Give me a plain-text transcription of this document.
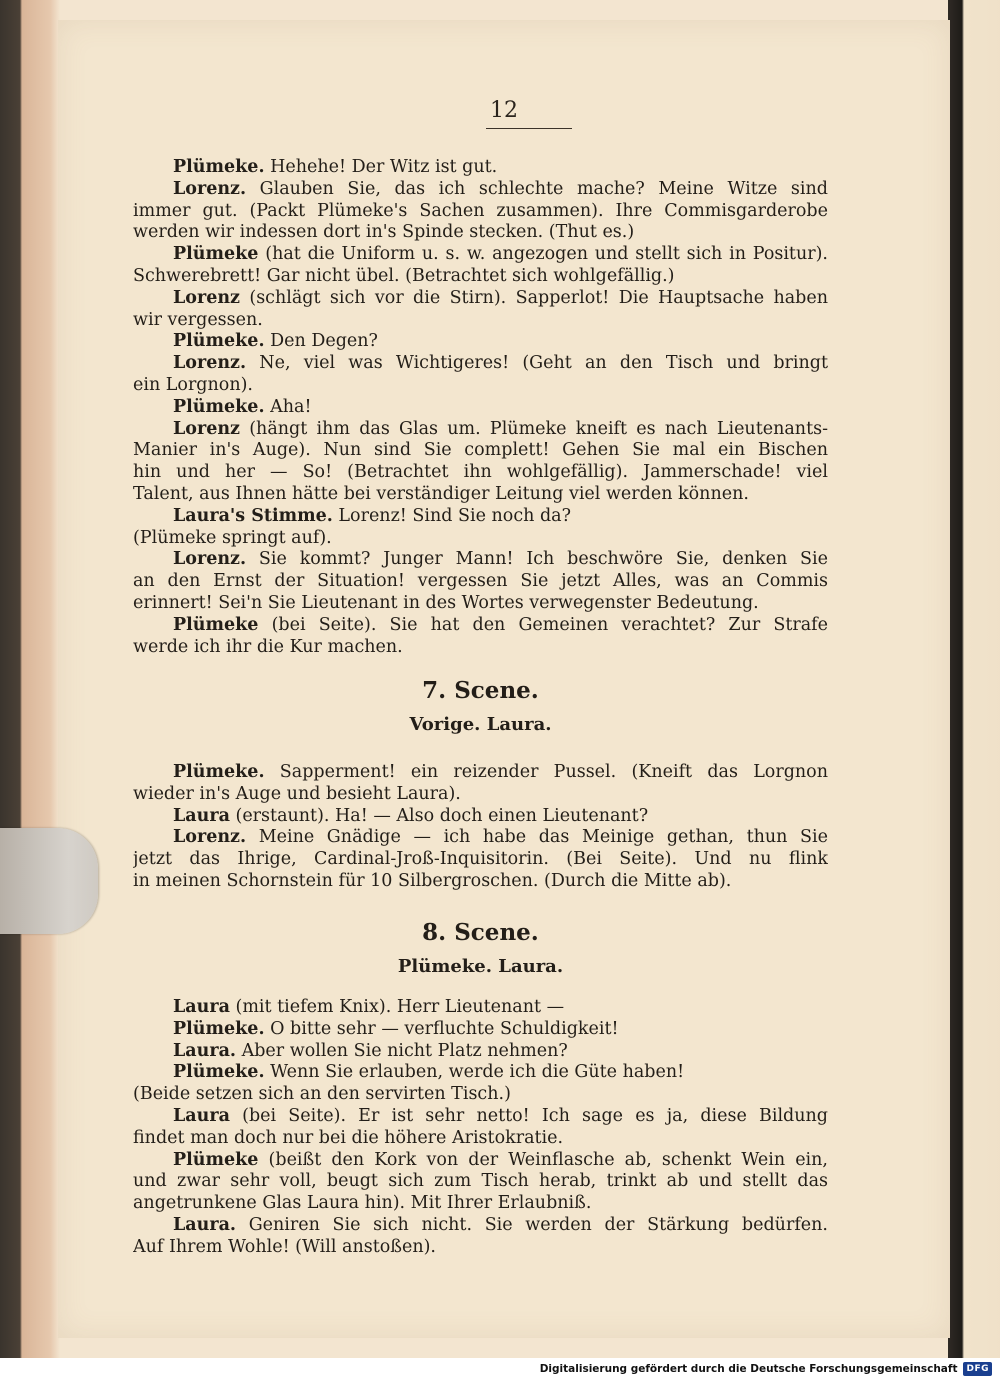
12
Plümeke. Hehehe! Der Witz ist gut.
Lorenz. Glauben Sie, das ich schlechte mache? Meine Witze sind
immer gut. (Packt Plümeke's Sachen zusammen). Ihre Commisgarderobe
werden wir indessen dort in's Spinde stecken. (Thut es.)
Plümeke (hat die Uniform u. s. w. angezogen und stellt sich in Positur).
Schwerebrett! Gar nicht übel. (Betrachtet sich wohlgefällig.)
Lorenz (schlägt sich vor die Stirn). Sapperlot! Die Hauptsache haben
wir vergessen.
Plümeke. Den Degen?
Lorenz. Ne, viel was Wichtigeres! (Geht an den Tisch und bringt
ein Lorgnon).
Plümeke. Aha!
Lorenz (hängt ihm das Glas um. Plümeke kneift es nach Lieutenants-
Manier in's Auge). Nun sind Sie complett! Gehen Sie mal ein Bischen
hin und her — So! (Betrachtet ihn wohlgefällig). Jammerschade! viel
Talent, aus Ihnen hätte bei verständiger Leitung viel werden können.
Laura's Stimme. Lorenz! Sind Sie noch da?
(Plümeke springt auf).
Lorenz. Sie kommt? Junger Mann! Ich beschwöre Sie, denken Sie
an den Ernst der Situation! vergessen Sie jetzt Alles, was an Commis
erinnert! Sei'n Sie Lieutenant in des Wortes verwegenster Bedeutung.
Plümeke (bei Seite). Sie hat den Gemeinen verachtet? Zur Strafe
werde ich ihr die Kur machen.
7. Scene.
Vorige. Laura.
Plümeke. Sapperment! ein reizender Pussel. (Kneift das Lorgnon
wieder in's Auge und besieht Laura).
Laura (erstaunt). Ha! — Also doch einen Lieutenant?
Lorenz. Meine Gnädige — ich habe das Meinige gethan, thun Sie
jetzt das Ihrige, Cardinal-Jroß-Inquisitorin. (Bei Seite). Und nu flink
in meinen Schornstein für 10 Silbergroschen. (Durch die Mitte ab).
8. Scene.
Plümeke. Laura.
Laura (mit tiefem Knix). Herr Lieutenant —
Plümeke. O bitte sehr — verfluchte Schuldigkeit!
Laura. Aber wollen Sie nicht Platz nehmen?
Plümeke. Wenn Sie erlauben, werde ich die Güte haben!
(Beide setzen sich an den servirten Tisch.)
Laura (bei Seite). Er ist sehr netto! Ich sage es ja, diese Bildung
findet man doch nur bei die höhere Aristokratie.
Plümeke (beißt den Kork von der Weinflasche ab, schenkt Wein ein,
und zwar sehr voll, beugt sich zum Tisch herab, trinkt ab und stellt das
angetrunkene Glas Laura hin). Mit Ihrer Erlaubniß.
Laura. Geniren Sie sich nicht. Sie werden der Stärkung bedürfen.
Auf Ihrem Wohle! (Will anstoßen).
Digitalisierung gefördert durch die Deutsche Forschungsgemeinschaft	DFG
